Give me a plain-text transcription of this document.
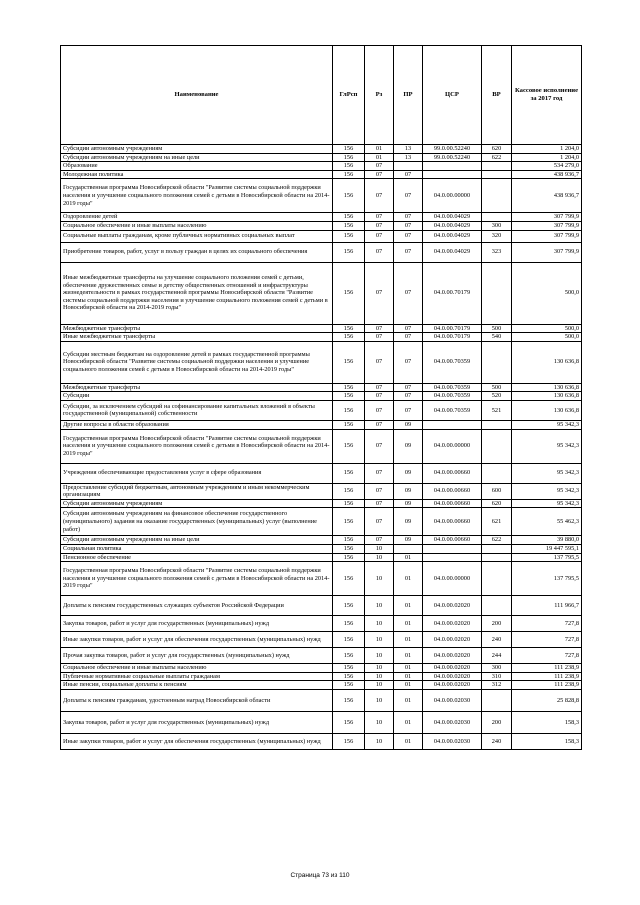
Наименование	ГлРсп	Рз	ПР	ЦСР	ВР	Кассовое исполнение за 2017 год
Субсидии автономным учреждениям	156	01	13	99.0.00.52240	620	1 204,0
Субсидии автономным учреждениям на иные цели	156	01	13	99.0.00.52240	622	1 204,0
Образование	156	07				534 279,0
Молодежная политика	156	07	07			438 936,7
Государственная программа Новосибирской области "Развитие системы социальной поддержки населения и улучшение социального положения семей с детьми в Новосибирской области на 2014-2019 годы"	156	07	07	04.0.00.00000		438 936,7
Оздоровление детей	156	07	07	04.0.00.04029		307 799,9
Социальное обеспечение и иные выплаты населению	156	07	07	04.0.00.04029	300	307 799,9
Социальные выплаты гражданам, кроме публичных нормативных социальных выплат	156	07	07	04.0.00.04029	320	307 799,9
Приобретение товаров, работ, услуг в пользу граждан в целях их социального обеспечения	156	07	07	04.0.00.04029	323	307 799,9
Иные межбюджетные трансферты на улучшение социального положения семей с детьми, обеспечение дружественных семье и детству общественных отношений и инфраструктуры жизнедеятельности в рамках государственной программы Новосибирской области "Развитие системы социальной поддержки населения и улучшение социального положения семей с детьми в Новосибирской области на 2014-2019 годы"	156	07	07	04.0.00.70179		500,0
Межбюджетные трансферты	156	07	07	04.0.00.70179	500	500,0
Иные межбюджетные трансферты	156	07	07	04.0.00.70179	540	500,0
Субсидии местным бюджетам на оздоровление детей в рамках государственной программы Новосибирской области "Развитие системы социальной поддержки населения и улучшение социального положения семей с детьми в Новосибирской области на 2014-2019 годы"	156	07	07	04.0.00.70359		130 636,8
Межбюджетные трансферты	156	07	07	04.0.00.70359	500	130 636,8
Субсидии	156	07	07	04.0.00.70359	520	130 636,8
Субсидии, за исключением субсидий на софинансирование капитальных вложений в объекты государственной (муниципальной) собственности	156	07	07	04.0.00.70359	521	130 636,8
Другие вопросы в области образования	156	07	09			95 342,3
Государственная программа Новосибирской области "Развитие системы социальной поддержки населения и улучшение социального положения семей с детьми в Новосибирской области на 2014-2019 годы"	156	07	09	04.0.00.00000		95 342,3
Учреждения обеспечивающие предоставления услуг в сфере образования	156	07	09	04.0.00.00660		95 342,3
Предоставление субсидий бюджетным, автономным учреждениям и иным некоммерческим организациям	156	07	09	04.0.00.00660	600	95 342,3
Субсидии автономным учреждениям	156	07	09	04.0.00.00660	620	95 342,3
Субсидии автономным учреждениям на финансовое обеспечение государственного (муниципального) задания на оказание государственных (муниципальных) услуг (выполнение работ)	156	07	09	04.0.00.00660	621	55 462,3
Субсидии автономным учреждениям на иные цели	156	07	09	04.0.00.00660	622	39 880,0
Социальная политика	156	10				19 447 595,1
Пенсионное обеспечение	156	10	01			137 795,5
Государственная программа Новосибирской области "Развитие системы социальной поддержки населения и улучшение социального положения семей с детьми в Новосибирской области на 2014-2019 годы"	156	10	01	04.0.00.00000		137 795,5
Доплаты к пенсиям государственных служащих субъектов Российской Федерации	156	10	01	04.0.00.02020		111 966,7
Закупка товаров, работ и услуг для государственных (муниципальных) нужд	156	10	01	04.0.00.02020	200	727,8
Иные закупки товаров, работ и услуг для обеспечения государственных (муниципальных) нужд	156	10	01	04.0.00.02020	240	727,8
Прочая закупка товаров, работ и услуг для государственных (муниципальных) нужд	156	10	01	04.0.00.02020	244	727,8
Социальное обеспечение и иные выплаты населению	156	10	01	04.0.00.02020	300	111 238,9
Публичные нормативные социальные выплаты гражданам	156	10	01	04.0.00.02020	310	111 238,9
Иные пенсии, социальные доплаты к пенсиям	156	10	01	04.0.00.02020	312	111 238,9
Доплаты к пенсиям гражданам, удостоенным наград Новосибирской области	156	10	01	04.0.00.02030		25 828,8
Закупка товаров, работ и услуг для государственных (муниципальных) нужд	156	10	01	04.0.00.02030	200	158,3
Иные закупки товаров, работ и услуг для обеспечения государственных (муниципальных) нужд	156	10	01	04.0.00.02030	240	158,3
Страница 73 из 110
